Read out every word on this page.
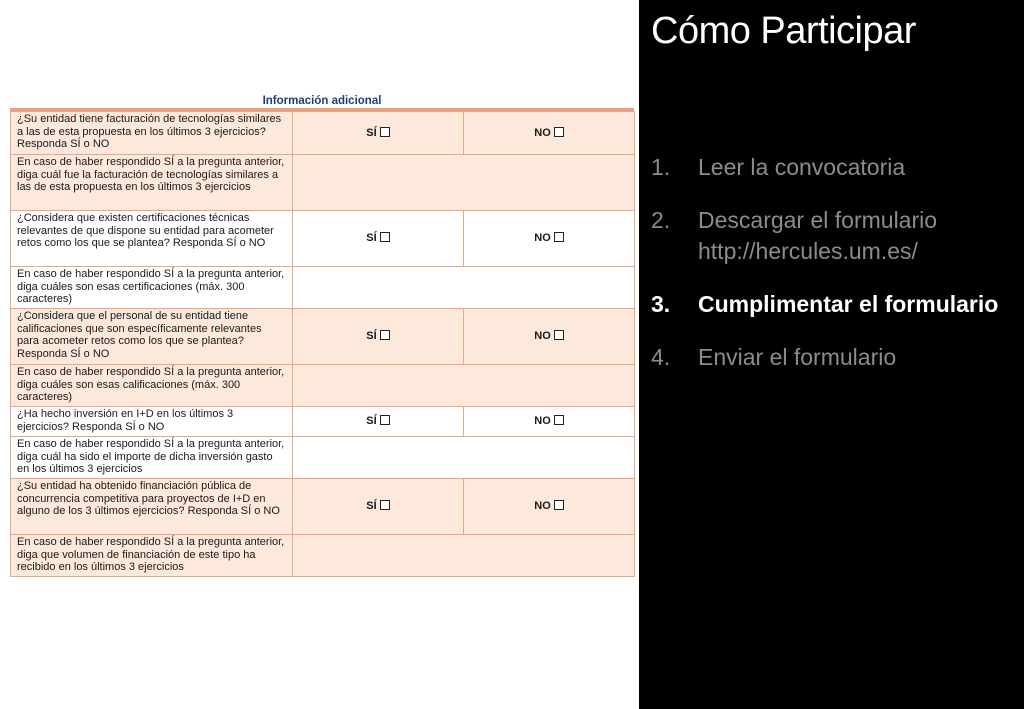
Información adicional
¿Su entidad tiene facturación de tecnologías similares a las de esta propuesta en los últimos 3 ejercicios? Responda SÍ o NO	SÍ	NO
En caso de haber respondido SÍ a la pregunta anterior, diga cuál fue la facturación de tecnologías similares a las de esta propuesta en los últimos 3 ejercicios		
¿Considera que existen certificaciones técnicas relevantes de que dispone su entidad para acometer retos como los que se plantea? Responda SÍ o NO	SÍ	NO
En caso de haber respondido SÍ a la pregunta anterior, diga cuáles son esas certificaciones (máx. 300 caracteres)		
¿Considera que el personal de su entidad tiene calificaciones que son específicamente relevantes para acometer retos como los que se plantea? Responda SÍ o NO	SÍ	NO
En caso de haber respondido SÍ a la pregunta anterior, diga cuáles son esas calificaciones (máx. 300 caracteres)		
¿Ha hecho inversión en I+D en los últimos 3 ejercicios? Responda SÍ o NO	SÍ	NO
En caso de haber respondido SÍ a la pregunta anterior, diga cuál ha sido el importe de dicha inversión gasto en los últimos 3 ejercicios		
¿Su entidad ha obtenido financiación pública de concurrencia competitiva para proyectos de I+D en alguno de los 3 últimos ejercicios? Responda SÍ o NO	SÍ	NO
En caso de haber respondido SÍ a la pregunta anterior, diga que volumen de financiación de este tipo ha recibido en los últimos 3 ejercicios		
Cómo Participar
1. Leer la convocatoria
2. Descargar el formulario http://hercules.um.es/
3. Cumplimentar el formulario
4. Enviar el formulario
